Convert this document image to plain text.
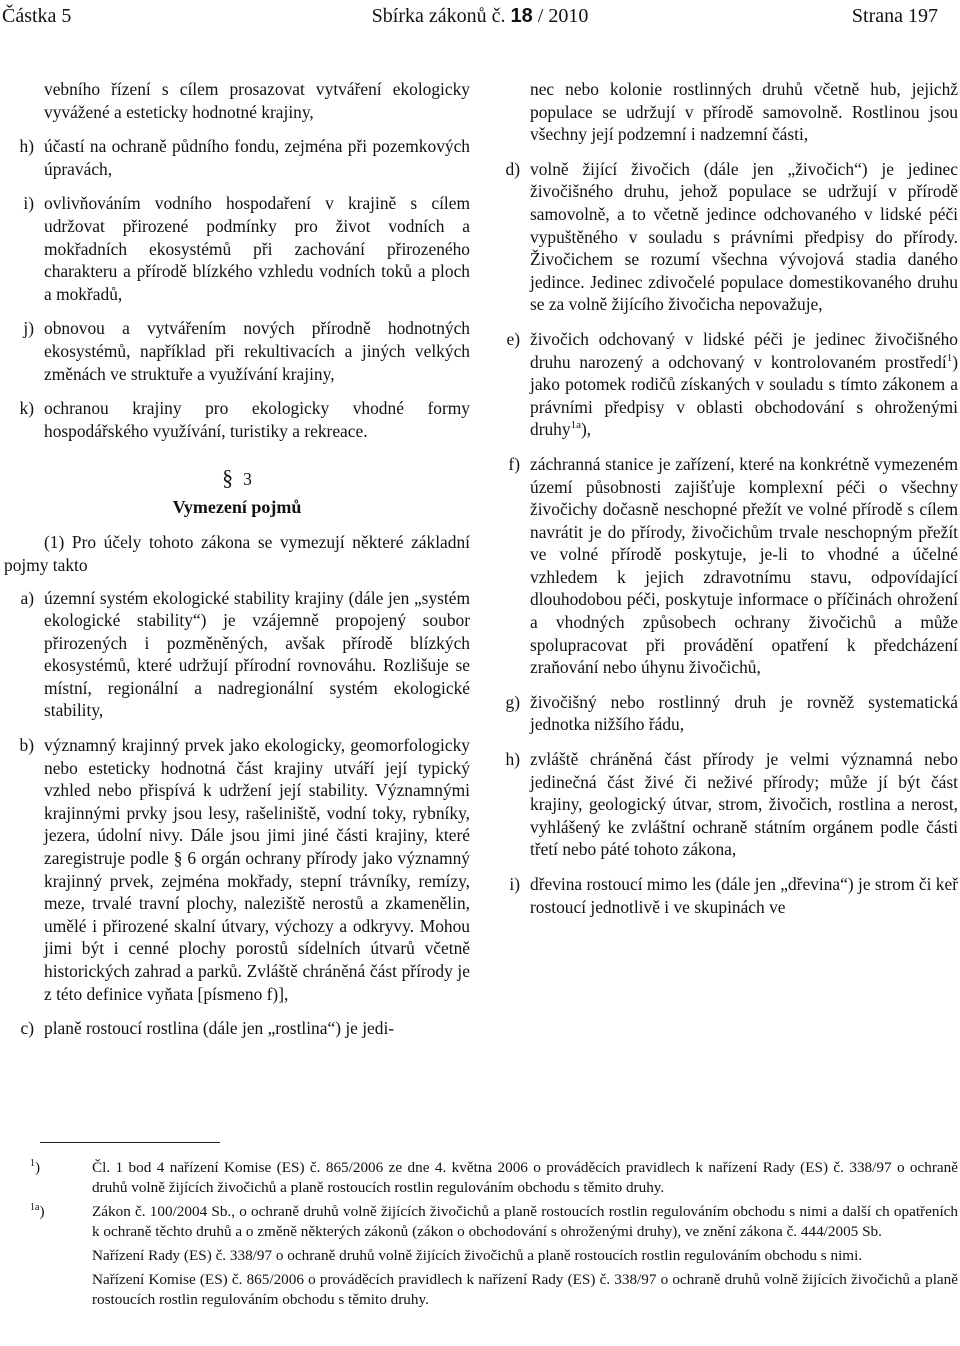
Částka 5	Sbírka zákonů č. 18 / 2010	Strana 197
vebního řízení s cílem prosazovat vytváření ekologicky vyvážené a esteticky hodnotné krajiny,
h) účastí na ochraně půdního fondu, zejména při pozemkových úpravách,
i) ovlivňováním vodního hospodaření v krajině s cílem udržovat přirozené podmínky pro život vodních a mokřadních ekosystémů při zachování přirozeného charakteru a přírodě blízkého vzhledu vodních toků a ploch a mokřadů,
j) obnovou a vytvářením nových přírodně hodnotných ekosystémů, například při rekultivacích a jiných velkých změnách ve struktuře a využívání krajiny,
k) ochranou krajiny pro ekologicky vhodné formy hospodářského využívání, turistiky a rekreace.
§ 3
Vymezení pojmů

(1) Pro účely tohoto zákona se vymezují některé základní pojmy takto

a) územní systém ekologické stability krajiny (dále jen „systém ekologické stability“) je vzájemně propojený soubor přirozených i pozměněných, avšak přírodě blízkých ekosystémů, které udržují přírodní rovnováhu. Rozlišuje se místní, regionální a nadregionální systém ekologické stability,
b) významný krajinný prvek jako ekologicky, geomorfologicky nebo esteticky hodnotná část krajiny utváří její typický vzhled nebo přispívá k udržení její stability. Významnými krajinnými prvky jsou lesy, rašeliniště, vodní toky, rybníky, jezera, údolní nivy. Dále jsou jimi jiné části krajiny, které zaregistruje podle § 6 orgán ochrany přírody jako významný krajinný prvek, zejména mokřady, stepní trávníky, remízy, meze, trvalé travní plochy, naleziště nerostů a zkamenělin, umělé i přirozené skalní útvary, výchozy a odkryvy. Mohou jimi být i cenné plochy porostů sídelních útvarů včetně historických zahrad a parků. Zvláště chráněná část přírody je z této definice vyňata [písmeno f)],
c) planě rostoucí rostlina (dále jen „rostlina“) je jedi-
nec nebo kolonie rostlinných druhů včetně hub, jejichž populace se udržují v přírodě samovolně. Rostlinou jsou všechny její podzemní i nadzemní části,
d) volně žijící živočich (dále jen „živočich“) je jedinec živočišného druhu, jehož populace se udržují v přírodě samovolně, a to včetně jedince odchovaného v lidské péči vypuštěného v souladu s právními předpisy do přírody. Živočichem se rozumí všechna vývojová stadia daného jedince. Jedinec zdivočelé populace domestikovaného druhu se za volně žijícího živočicha nepovažuje,
e) živočich odchovaný v lidské péči je jedinec živočišného druhu narozený a odchovaný v kontrolovaném prostředí$^1$) jako potomek rodičů získaných v souladu s tímto zákonem a právními předpisy v oblasti obchodování s ohroženými druhy$^{1a}$),
f) záchranná stanice je zařízení, které na konkrétně vymezeném území působnosti zajišťuje komplexní péči o všechny živočichy dočasně neschopné přežít ve volné přírodě s cílem navrátit je do přírody, živočichům trvale neschopným přežít ve volné přírodě poskytuje, je-li to vhodné a účelné vzhledem k jejich zdravotnímu stavu, odpovídající dlouhodobou péči, poskytuje informace o příčinách ohrožení a vhodných způsobech ochrany živočichů a může spolupracovat při provádění opatření k předcházení zraňování nebo úhynu živočichů,
g) živočišný nebo rostlinný druh je rovněž systematická jednotka nižšího řádu,
h) zvláště chráněná část přírody je velmi významná nebo jedinečná část živé či neživé přírody; může jí být část krajiny, geologický útvar, strom, živočich, rostlina a nerost, vyhlášený ke zvláštní ochraně státním orgánem podle části třetí nebo páté tohoto zákona,
i) dřevina rostoucí mimo les (dále jen „dřevina“) je strom či keř rostoucí jednotlivě i ve skupinách ve
$^1$)	Čl. 1 bod 4 nařízení Komise (ES) č. 865/2006 ze dne 4. května 2006 o prováděcích pravidlech k nařízení Rady (ES) č. 338/97 o ochraně druhů volně žijících živočichů a planě rostoucích rostlin regulováním obchodu s těmito druhy.

$^{1a}$)	Zákon č. 100/2004 Sb., o ochraně druhů volně žijících živočichů a planě rostoucích rostlin regulováním obchodu s nimi a další ch opatřeních k ochraně těchto druhů a o změně některých zákonů (zákon o obchodování s ohroženými druhy), ve znění zákona č. 444/2005 Sb.

Nařízení Rady (ES) č. 338/97 o ochraně druhů volně žijících živočichů a planě rostoucích rostlin regulováním obchodu s nimi.

Nařízení Komise (ES) č. 865/2006 o prováděcích pravidlech k nařízení Rady (ES) č. 338/97 o ochraně druhů volně žijících živočichů a planě rostoucích rostlin regulováním obchodu s těmito druhy.
